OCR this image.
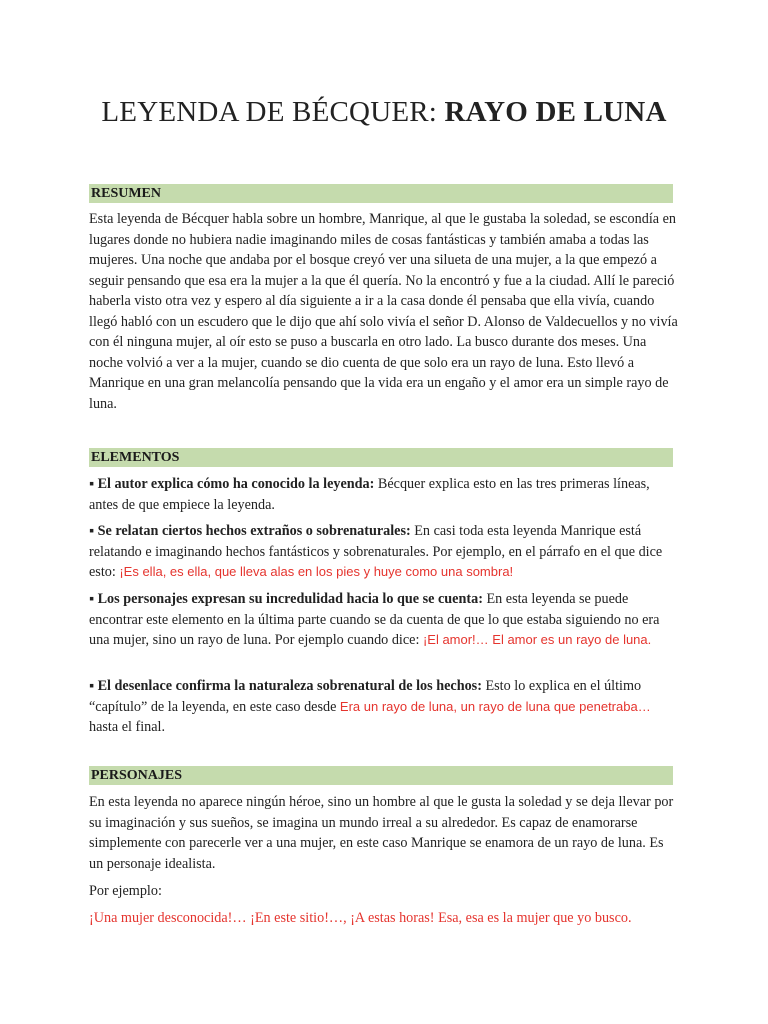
LEYENDA DE BÉCQUER: RAYO DE LUNA
RESUMEN

Esta leyenda de Bécquer habla sobre un hombre, Manrique, al que le gustaba la soledad, se escondía en lugares donde no hubiera nadie imaginando miles de cosas fantásticas y también amaba a todas las mujeres. Una noche que andaba por el bosque creyó ver una silueta de una mujer, a la que empezó a seguir pensando que esa era la mujer a la que él quería. No la encontró y fue a la ciudad. Allí le pareció haberla visto otra vez y espero al día siguiente a ir a la casa donde él pensaba que ella vivía, cuando llegó habló con un escudero que le dijo que ahí solo vivía el señor D. Alonso de Valdecuellos y no vivía con él ninguna mujer, al oír esto se puso a buscarla en otro lado. La busco durante dos meses. Una noche volvió a ver a la mujer, cuando se dio cuenta de que solo era un rayo de luna. Esto llevó a Manrique en una gran melancolía pensando que la vida era un engaño y el amor era un simple rayo de luna.

ELEMENTOS

▪ El autor explica cómo ha conocido la leyenda: Bécquer explica esto en las tres primeras líneas, antes de que empiece la leyenda.

▪ Se relatan ciertos hechos extraños o sobrenaturales: En casi toda esta leyenda Manrique está relatando e imaginando hechos fantásticos y sobrenaturales. Por ejemplo, en el párrafo en el que dice esto: ¡Es ella, es ella, que lleva alas en los pies y huye como una sombra!

▪ Los personajes expresan su incredulidad hacia lo que se cuenta: En esta leyenda se puede encontrar este elemento en la última parte cuando se da cuenta de que lo que estaba siguiendo no era una mujer, sino un rayo de luna. Por ejemplo cuando dice: ¡El amor!… El amor es un rayo de luna.

▪ El desenlace confirma la naturaleza sobrenatural de los hechos: Esto lo explica en el último “capítulo” de la leyenda, en este caso desde Era un rayo de luna, un rayo de luna que penetraba… hasta el final.

PERSONAJES

En esta leyenda no aparece ningún héroe, sino un hombre al que le gusta la soledad y se deja llevar por su imaginación y sus sueños, se imagina un mundo irreal a su alrededor. Es capaz de enamorarse simplemente con parecerle ver a una mujer, en este caso Manrique se enamora de un rayo de luna. Es un personaje idealista.

Por ejemplo:

¡Una mujer desconocida!… ¡En este sitio!…, ¡A estas horas! Esa, esa es la mujer que yo busco.
